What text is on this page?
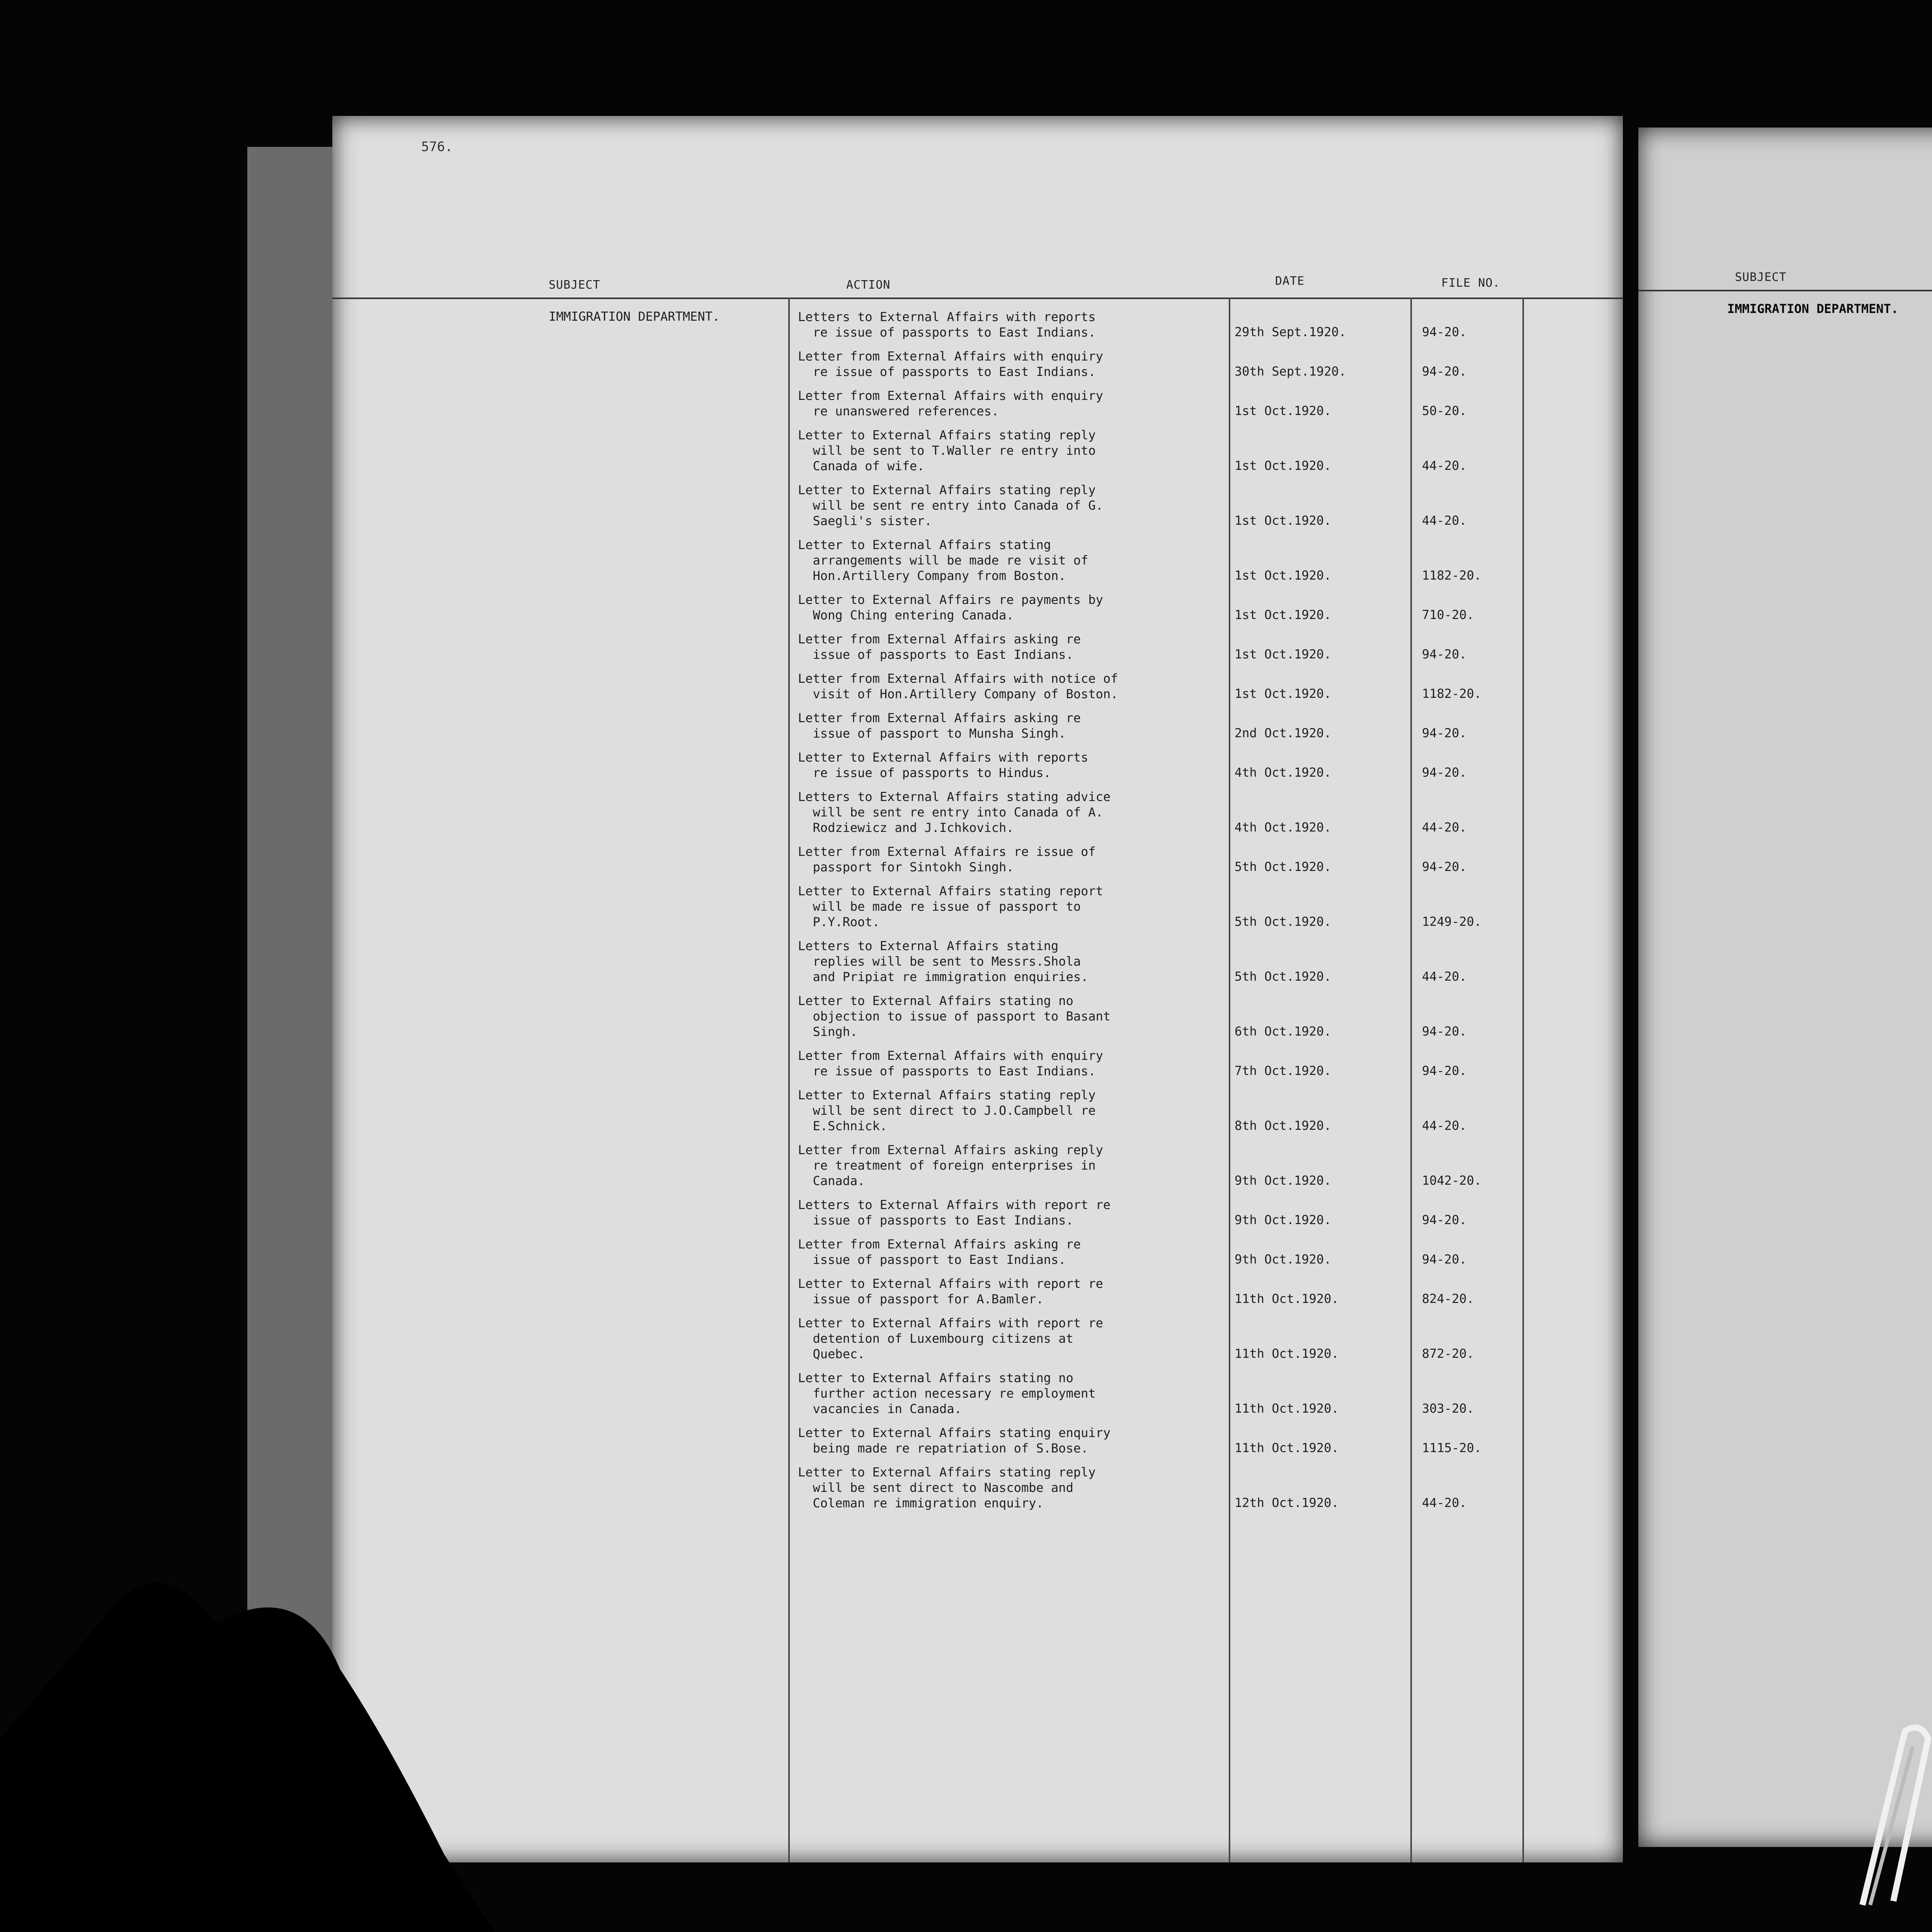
576.
SUBJECT	ACTION	DATE	FILE NO.
IMMIGRATION DEPARTMENT.	Letters to External Affairs with reports
re issue of passports to East Indians.	29th Sept.1920.	94-20.
Letter from External Affairs with enquiry
re issue of passports to East Indians.	30th Sept.1920.	94-20.
Letter from External Affairs with enquiry
re unanswered references.	1st Oct.1920.	50-20.
Letter to External Affairs stating reply
will be sent to T.Waller re entry into
Canada of wife.	1st Oct.1920.	44-20.
Letter to External Affairs stating reply
will be sent re entry into Canada of G.
Saegli's sister.	1st Oct.1920.	44-20.
Letter to External Affairs stating
arrangements will be made re visit of
Hon.Artillery Company from Boston.	1st Oct.1920.	1182-20.
Letter to External Affairs re payments by
Wong Ching entering Canada.	1st Oct.1920.	710-20.
Letter from External Affairs asking re
issue of passports to East Indians.	1st Oct.1920.	94-20.
Letter from External Affairs with notice of
visit of Hon.Artillery Company of Boston.	1st Oct.1920.	1182-20.
Letter from External Affairs asking re
issue of passport to Munsha Singh.	2nd Oct.1920.	94-20.
Letter to External Affairs with reports
re issue of passports to Hindus.	4th Oct.1920.	94-20.
Letters to External Affairs stating advice
will be sent re entry into Canada of A.
Rodziewicz and J.Ichkovich.	4th Oct.1920.	44-20.
Letter from External Affairs re issue of
passport for Sintokh Singh.	5th Oct.1920.	94-20.
Letter to External Affairs stating report
will be made re issue of passport to
P.Y.Root.	5th Oct.1920.	1249-20.
Letters to External Affairs stating
replies will be sent to Messrs.Shola
and Pripiat re immigration enquiries.	5th Oct.1920.	44-20.
Letter to External Affairs stating no
objection to issue of passport to Basant
Singh.	6th Oct.1920.	94-20.
Letter from External Affairs with enquiry
re issue of passports to East Indians.	7th Oct.1920.	94-20.
Letter to External Affairs stating reply
will be sent direct to J.O.Campbell re
E.Schnick.	8th Oct.1920.	44-20.
Letter from External Affairs asking reply
re treatment of foreign enterprises in
Canada.	9th Oct.1920.	1042-20.
Letters to External Affairs with report re
issue of passports to East Indians.	9th Oct.1920.	94-20.
Letter from External Affairs asking re
issue of passport to East Indians.	9th Oct.1920.	94-20.
Letter to External Affairs with report re
issue of passport for A.Bamler.	11th Oct.1920.	824-20.
Letter to External Affairs with report re
detention of Luxembourg citizens at
Quebec.	11th Oct.1920.	872-20.
Letter to External Affairs stating no
further action necessary re employment
vacancies in Canada.	11th Oct.1920.	303-20.
Letter to External Affairs stating enquiry
being made re repatriation of S.Bose.	11th Oct.1920.	1115-20.
Letter to External Affairs stating reply
will be sent direct to Nascombe and
Coleman re immigration enquiry.	12th Oct.1920.	44-20.
SUBJECT
IMMIGRATION DEPARTMENT.
